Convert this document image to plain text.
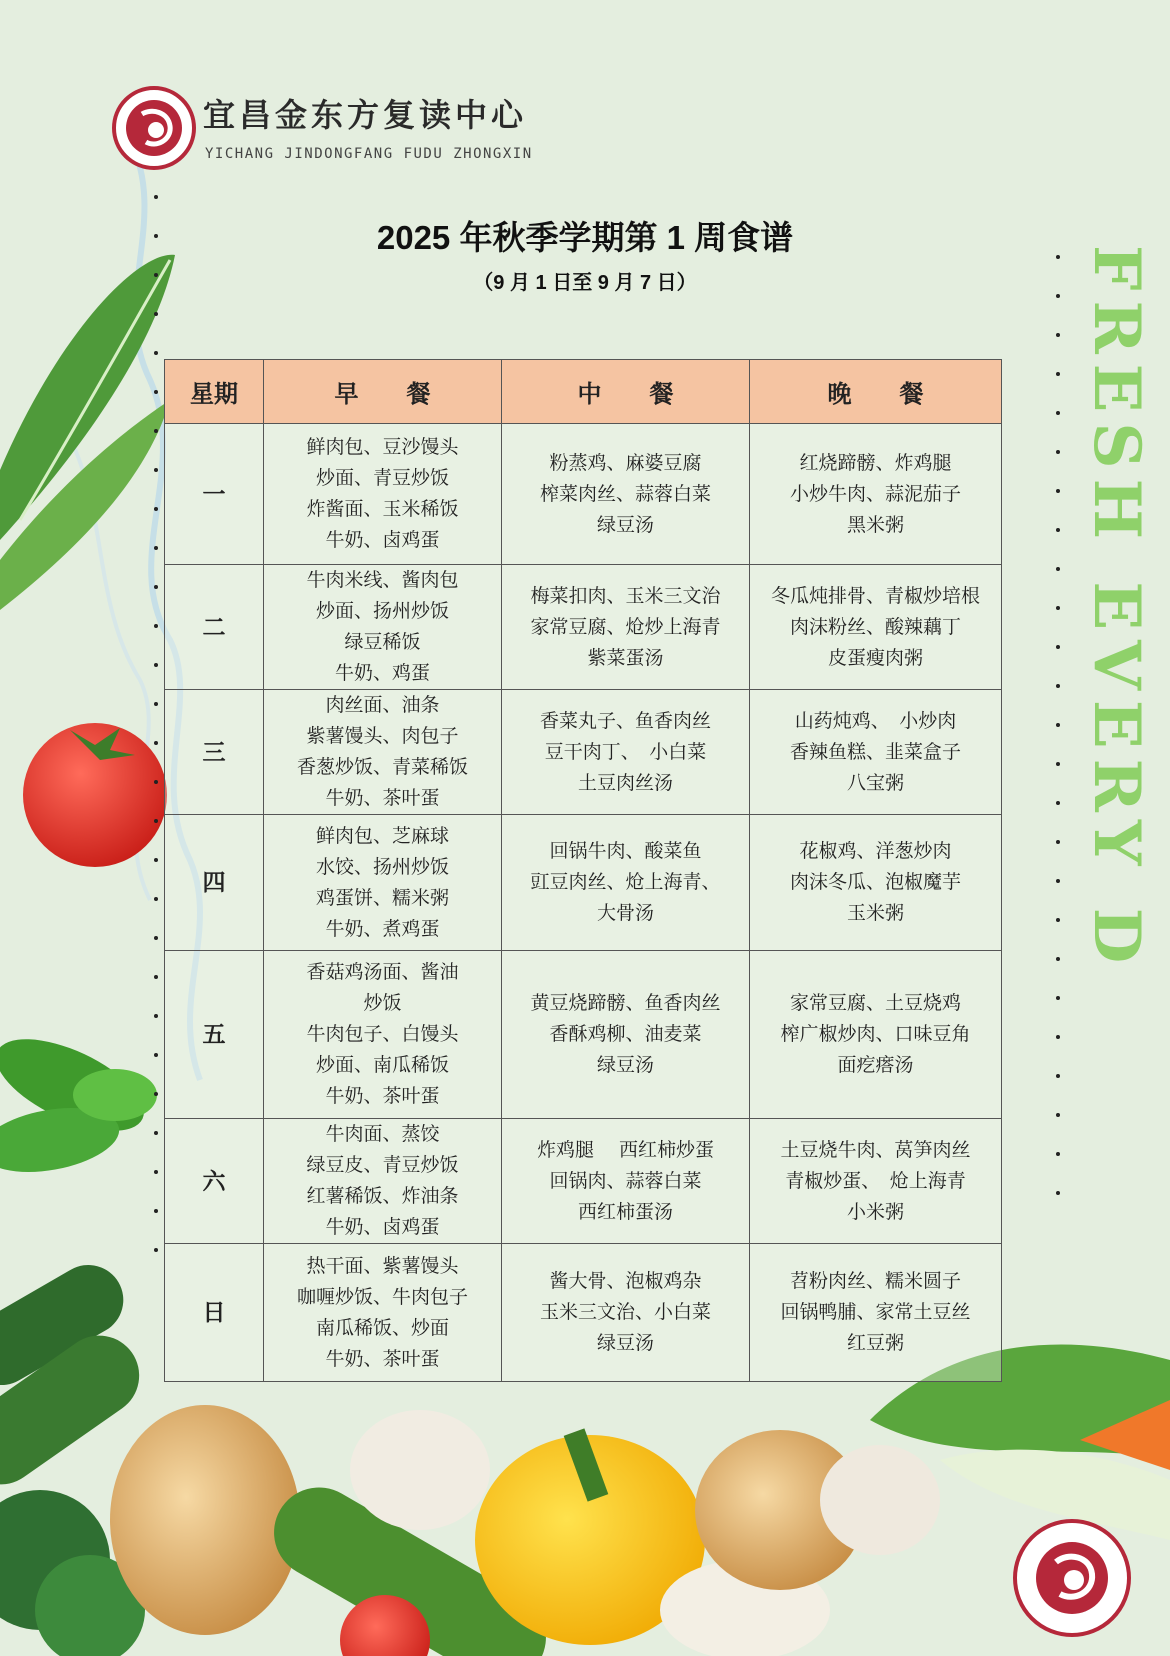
宜昌金东方复读中心
YICHANG JINDONGFANG FUDU ZHONGXIN
2025 年秋季学期第 1 周食谱
（9 月 1 日至 9 月 7 日）	FRESH EVERY D
星期	早　　餐	中　　餐	晚　　餐
一	鲜肉包、豆沙馒头
炒面、青豆炒饭
炸酱面、玉米稀饭
牛奶、卤鸡蛋	粉蒸鸡、麻婆豆腐
榨菜肉丝、蒜蓉白菜
绿豆汤	红烧蹄髈、炸鸡腿
小炒牛肉、蒜泥茄子
黑米粥
二	牛肉米线、酱肉包
炒面、扬州炒饭
绿豆稀饭
牛奶、鸡蛋	梅菜扣肉、玉米三文治
家常豆腐、炝炒上海青
紫菜蛋汤	冬瓜炖排骨、青椒炒培根
肉沫粉丝、酸辣藕丁
皮蛋瘦肉粥
三	肉丝面、油条
紫薯馒头、肉包子
香葱炒饭、青菜稀饭
牛奶、茶叶蛋	香菜丸子、鱼香肉丝
豆干肉丁、　小白菜
土豆肉丝汤	山药炖鸡、　小炒肉
香辣鱼糕、韭菜盒子
八宝粥
四	鲜肉包、芝麻球
水饺、扬州炒饭
鸡蛋饼、糯米粥
牛奶、煮鸡蛋	回锅牛肉、酸菜鱼
豇豆肉丝、炝上海青、
大骨汤	花椒鸡、洋葱炒肉
肉沫冬瓜、泡椒魔芋
玉米粥
五	香菇鸡汤面、酱油
炒饭
牛肉包子、白馒头
炒面、南瓜稀饭
牛奶、茶叶蛋	黄豆烧蹄髈、鱼香肉丝
香酥鸡柳、油麦菜
绿豆汤	家常豆腐、土豆烧鸡
榨广椒炒肉、口味豆角
面疙瘩汤
六	牛肉面、蒸饺
绿豆皮、青豆炒饭
红薯稀饭、炸油条
牛奶、卤鸡蛋	炸鸡腿　 西红柿炒蛋
回锅肉、蒜蓉白菜
西红柿蛋汤	土豆烧牛肉、莴笋肉丝
青椒炒蛋、　炝上海青
小米粥
日	热干面、紫薯馒头
咖喱炒饭、牛肉包子
南瓜稀饭、炒面
牛奶、茶叶蛋	酱大骨、泡椒鸡杂
玉米三文治、小白菜
绿豆汤	苕粉肉丝、糯米圆子
回锅鸭脯、家常土豆丝
红豆粥
